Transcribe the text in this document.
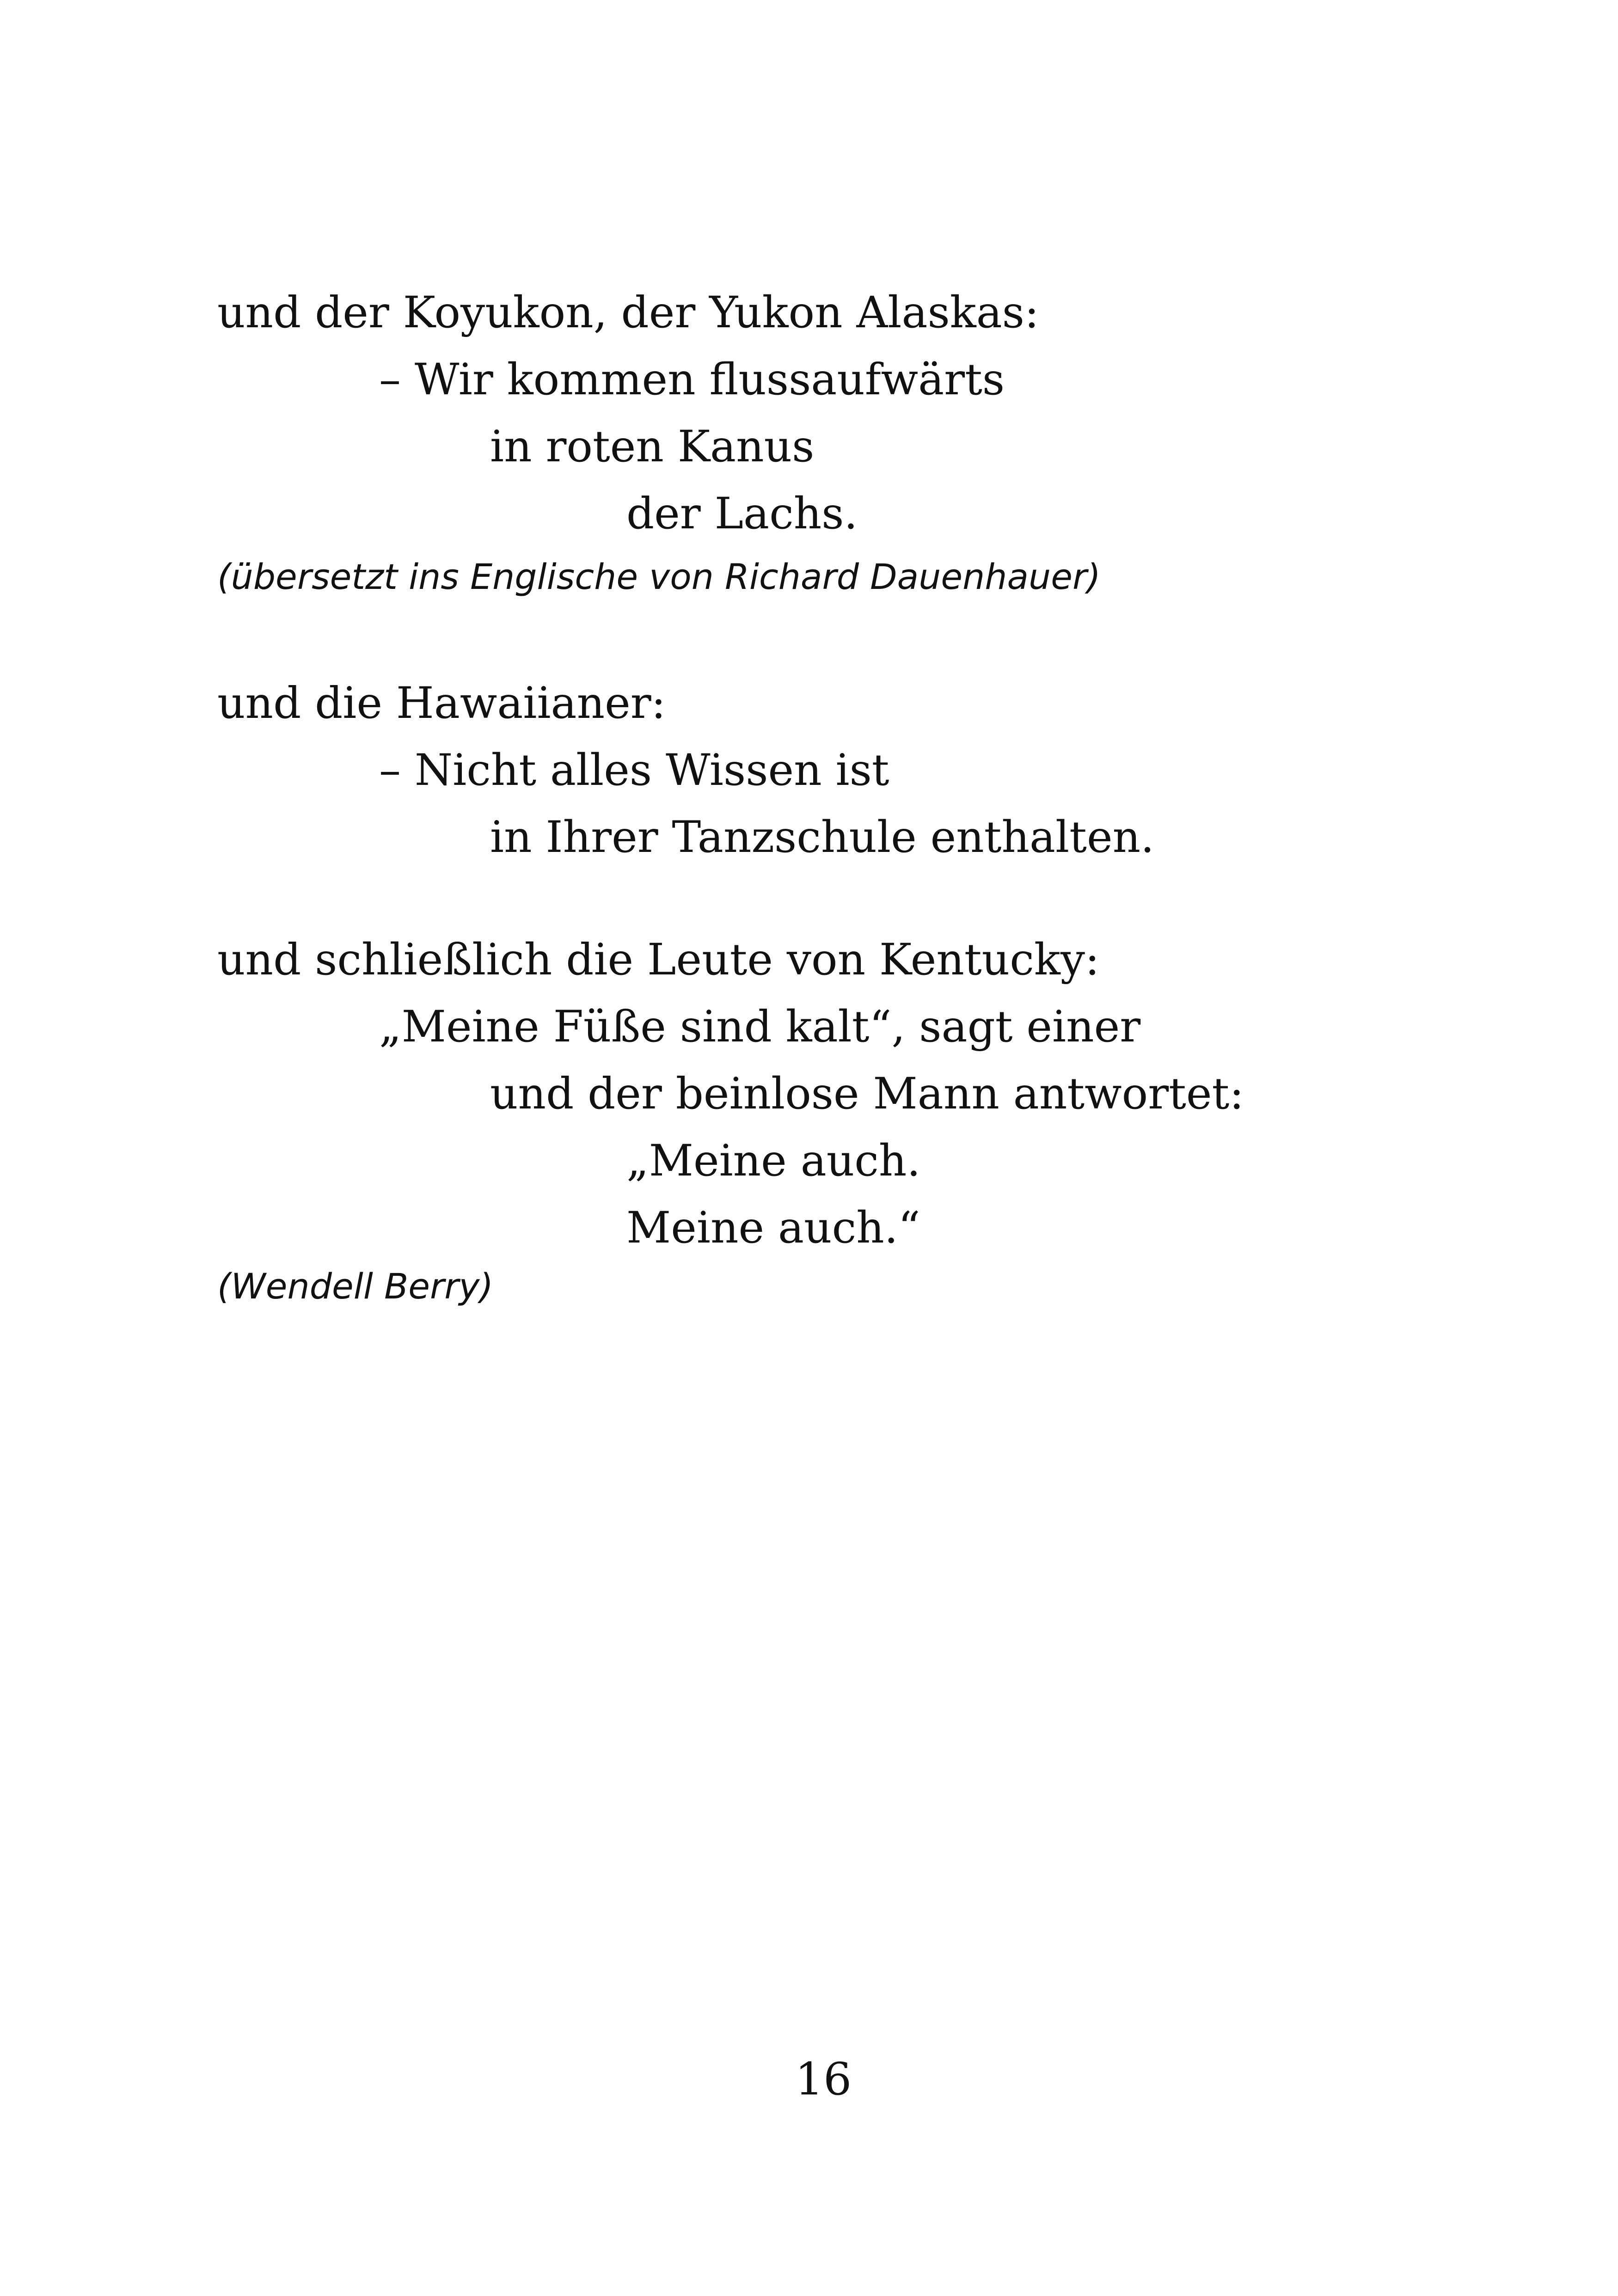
und der Koyukon, der Yukon Alaskas:
– Wir kommen flussaufwärts
in roten Kanus
der Lachs.
(übersetzt ins Englische von Richard Dauenhauer)
und die Hawaiianer:
– Nicht alles Wissen ist
in Ihrer Tanzschule enthalten.
und schließlich die Leute von Kentucky:
„Meine Füße sind kalt“, sagt einer
und der beinlose Mann antwortet:
„Meine auch.
Meine auch.“
(Wendell Berry)
16
